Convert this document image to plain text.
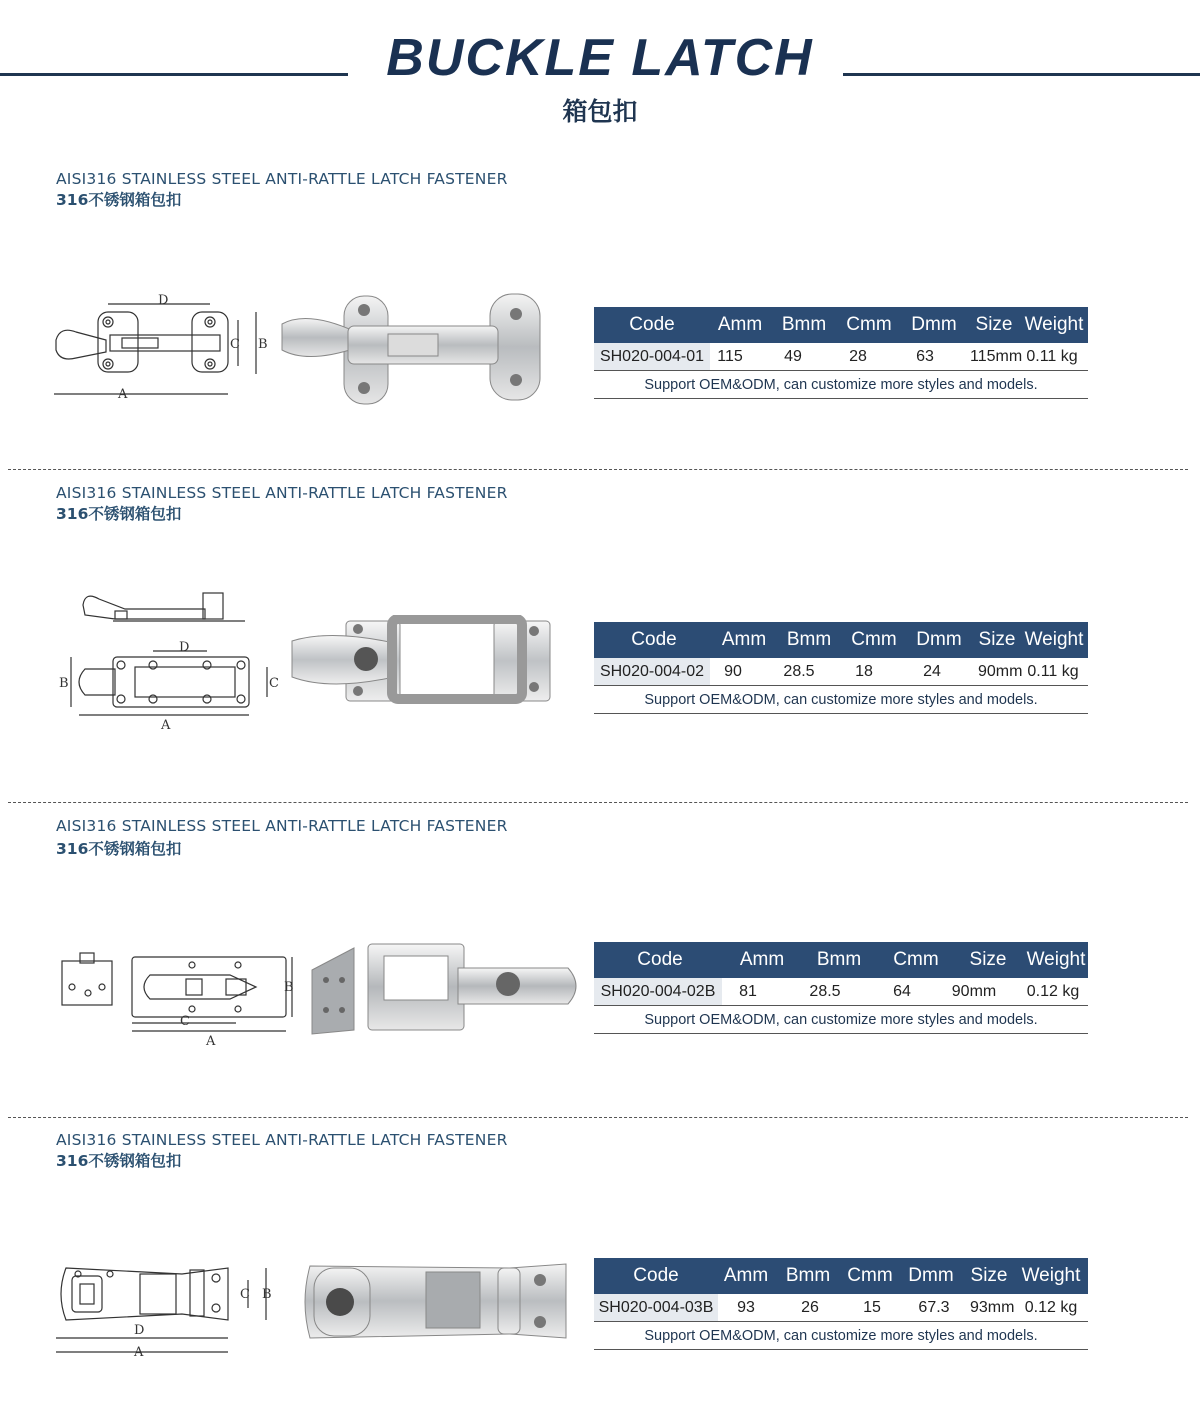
BUCKLE LATCH
箱包扣
AISI316 STAINLESS STEEL ANTI-RATTLE LATCH FASTENER
316不锈钢箱包扣
D
C B
A
Code	Amm	Bmm	Cmm	Dmm Size Weight
SH020-004-01 115	49	28	63	115mm 0.11 kg
Support OEM&ODM, can customize more styles and models.
AISI316 STAINLESS STEEL ANTI-RATTLE LATCH FASTENER
316不锈钢箱包扣
D
B	C
A
Code	Amm	Bmm	Cmm	Dmm Size Weight
SH020-004-02	90	28.5	18	24	90mm 0.11 kg
Support OEM&ODM, can customize more styles and models.
AISI316 STAINLESS STEEL ANTI-RATTLE LATCH FASTENER
316不锈钢箱包扣
B
C
A
Code	Amm	Bmm	Cmm	Size	Weight
SH020-004-02B	81	28.5	64	90mm	0.12 kg
Support OEM&ODM, can customize more styles and models.
AISI316 STAINLESS STEEL ANTI-RATTLE LATCH FASTENER
316不锈钢箱包扣
C B
D
A
Code	Amm Bmm Cmm Dmm Size Weight
SH020-004-03B	93	26	15	67.3	93mm 0.12 kg
Support OEM&ODM, can customize more styles and models.
